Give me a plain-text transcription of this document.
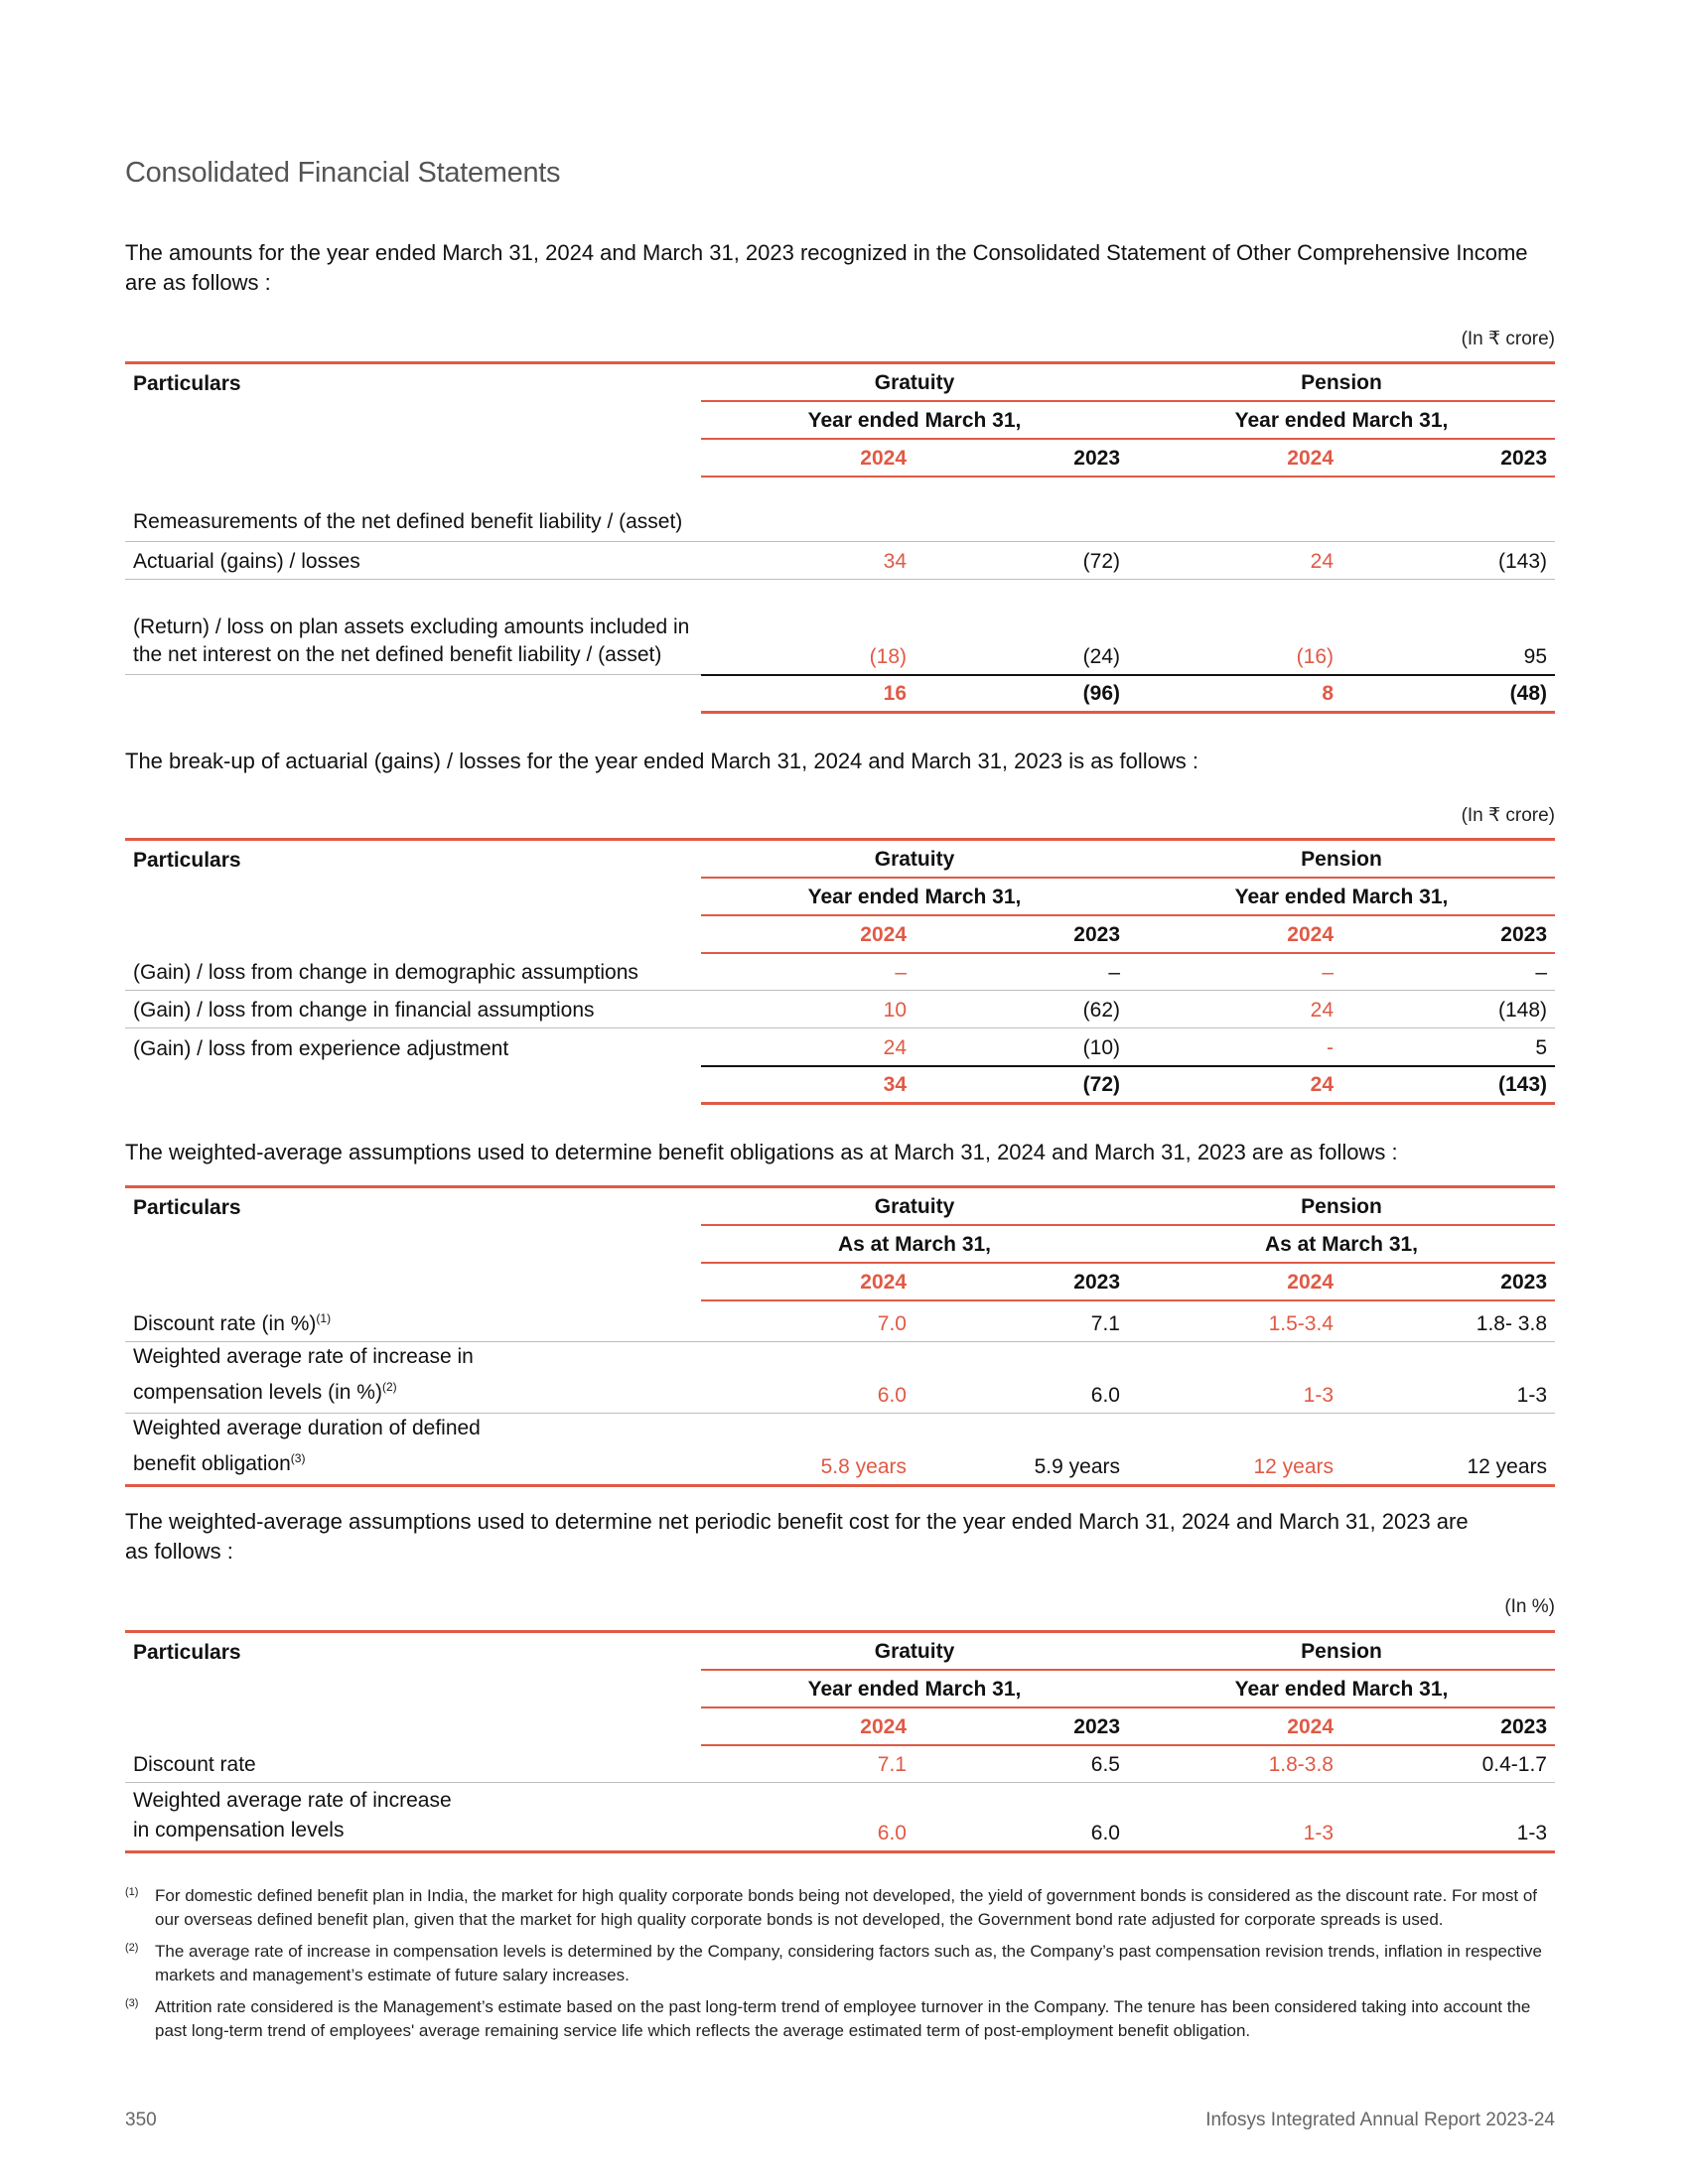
Consolidated Financial Statements
The amounts for the year ended March 31, 2024 and March 31, 2023 recognized in the Consolidated Statement of Other Comprehensive Income are as follows :
(In ₹ crore)
Particulars	Gratuity		Pension	
	Year ended March 31,		Year ended March 31,	
	2024	2023	2024	2023
Remeasurements of the net defined benefit liability / (asset)				
Actuarial (gains) / losses	34	(72)	24	(143)
(Return) / loss on plan assets excluding amounts included in the net interest on the net defined benefit liability / (asset)	(18)	(24)	(16)	95
	16	(96)	8	(48)
The break-up of actuarial (gains) / losses for the year ended March 31, 2024 and March 31, 2023 is as follows :
(In ₹ crore)
Particulars	Gratuity		Pension	
	Year ended March 31,		Year ended March 31,	
	2024	2023	2024	2023
(Gain) / loss from change in demographic assumptions	–	–	–	–
(Gain) / loss from change in financial assumptions	10	(62)	24	(148)
(Gain) / loss from experience adjustment	24	(10)	-	5
	34	(72)	24	(143)
The weighted-average assumptions used to determine benefit obligations as at March 31, 2024 and March 31, 2023 are as follows :
Particulars	Gratuity		Pension	
	As at March 31,		As at March 31,	
	2024	2023	2024	2023
Discount rate (in %)$^{(1)}$	7.0	7.1	1.5-3.4	1.8- 3.8
Weighted average rate of increase in compensation levels (in %)$^{(2)}$	6.0	6.0	1-3	1-3
Weighted average duration of defined benefit obligation$^{(3)}$	5.8 years	5.9 years	12 years	12 years
The weighted-average assumptions used to determine net periodic benefit cost for the year ended March 31, 2024 and March 31, 2023 are as follows :
(In %)
Particulars	Gratuity		Pension	
	Year ended March 31,		Year ended March 31,	
	2024	2023	2024	2023
Discount rate	7.1	6.5	1.8-3.8	0.4-1.7
Weighted average rate of increase in compensation levels	6.0	6.0	1-3	1-3
(1) For domestic defined benefit plan in India, the market for high quality corporate bonds being not developed, the yield of government bonds is considered as the discount rate. For most of our overseas defined benefit plan, given that the market for high quality corporate bonds is not developed, the Government bond rate adjusted for corporate spreads is used.
(2) The average rate of increase in compensation levels is determined by the Company, considering factors such as, the Company’s past compensation revision trends, inflation in respective markets and management’s estimate of future salary increases.
(3) Attrition rate considered is the Management’s estimate based on the past long-term trend of employee turnover in the Company. The tenure has been considered taking into account the past long-term trend of employees' average remaining service life which reflects the average estimated term of post-employment benefit obligation.
350	Infosys Integrated Annual Report 2023-24
